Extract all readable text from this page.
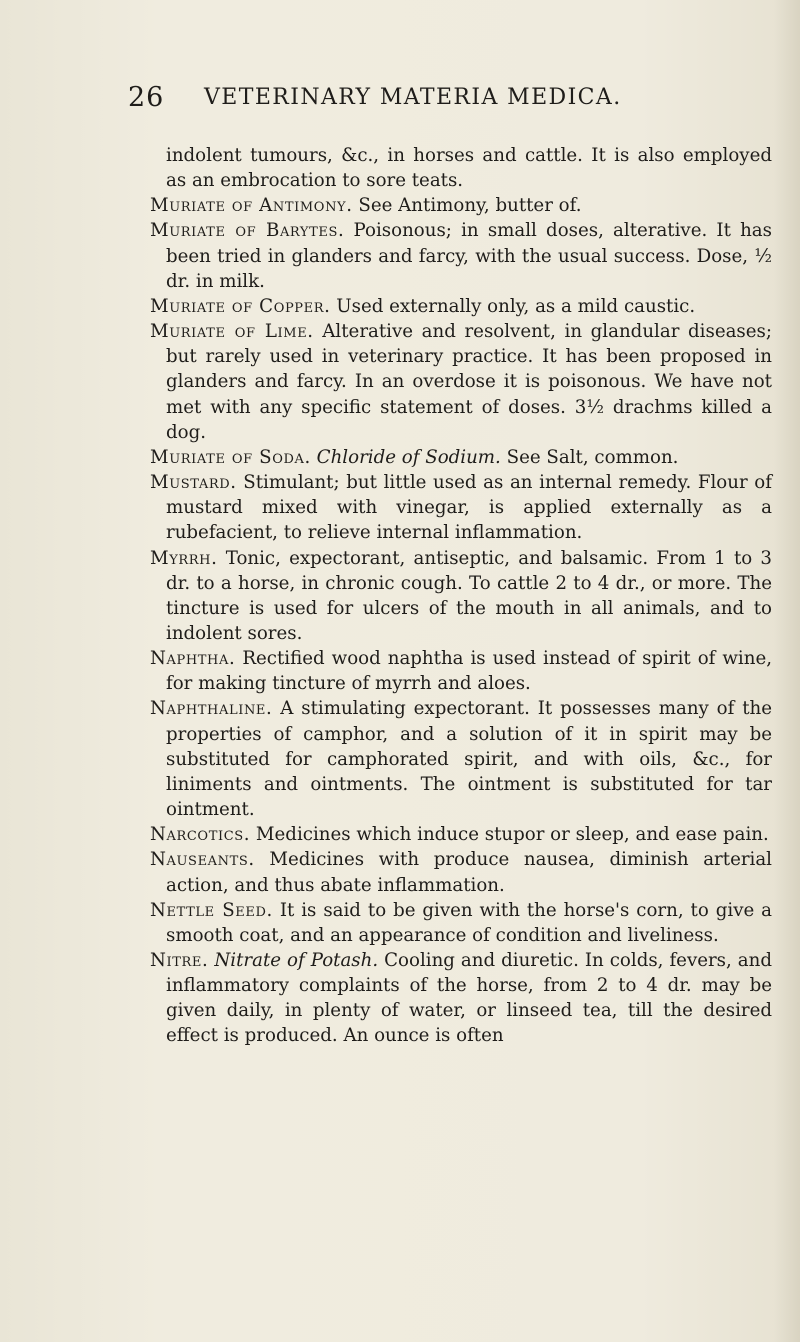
26 VETERINARY MATERIA MEDICA.

indolent tumours, &c., in horses and cattle. It is also employed as an embrocation to sore teats.

Muriate of Antimony. See Antimony, butter of.

Muriate of Barytes. Poisonous; in small doses, alterative. It has been tried in glanders and farcy, with the usual success. Dose, ½ dr. in milk.

Muriate of Copper. Used externally only, as a mild caustic.

Muriate of Lime. Alterative and resolvent, in glandular diseases; but rarely used in veterinary practice. It has been proposed in glanders and farcy. In an overdose it is poisonous. We have not met with any specific statement of doses. 3½ drachms killed a dog.

Muriate of Soda. Chloride of Sodium. See Salt, common.

Mustard. Stimulant; but little used as an internal remedy. Flour of mustard mixed with vinegar, is applied externally as a rubefacient, to relieve internal inflammation.

Myrrh. Tonic, expectorant, antiseptic, and balsamic. From 1 to 3 dr. to a horse, in chronic cough. To cattle 2 to 4 dr., or more. The tincture is used for ulcers of the mouth in all animals, and to indolent sores.

Naphtha. Rectified wood naphtha is used instead of spirit of wine, for making tincture of myrrh and aloes.

Naphthaline. A stimulating expectorant. It possesses many of the properties of camphor, and a solution of it in spirit may be substituted for camphorated spirit, and with oils, &c., for liniments and ointments. The ointment is substituted for tar ointment.

Narcotics. Medicines which induce stupor or sleep, and ease pain.

Nauseants. Medicines with produce nausea, diminish arterial action, and thus abate inflammation.

Nettle Seed. It is said to be given with the horse's corn, to give a smooth coat, and an appearance of condition and liveliness.

Nitre. Nitrate of Potash. Cooling and diuretic. In colds, fevers, and inflammatory complaints of the horse, from 2 to 4 dr. may be given daily, in plenty of water, or linseed tea, till the desired effect is produced. An ounce is often
